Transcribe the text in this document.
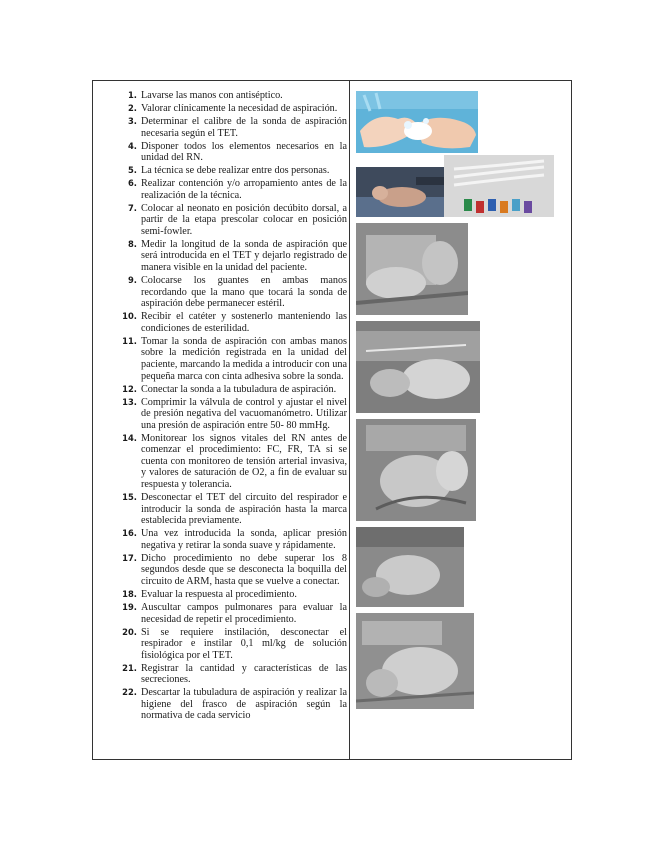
1. Lavarse las manos con antiséptico.
2. Valorar clínicamente la necesidad de aspiración.
3. Determinar el calibre de la sonda de aspiración necesaria según el TET.
4. Disponer todos los elementos necesarios en la unidad del RN.
5. La técnica se debe realizar entre dos personas.
6. Realizar contención y/o arropamiento antes de la realización de la técnica.
7. Colocar al neonato en posición decúbito dorsal, a partir de la etapa prescolar colocar en posición semi-fowler.
8. Medir la longitud de la sonda de aspiración que será introducida en el TET y dejarlo registrado de manera visible en la unidad del paciente.
9. Colocarse los guantes en ambas manos recordando que la mano que tocará la sonda de aspiración debe permanecer estéril.
10. Recibir el catéter y sostenerlo manteniendo las condiciones de esterilidad.
11. Tomar la sonda de aspiración con ambas manos sobre la medición registrada en la unidad del paciente, marcando la medida a introducir con una pequeña marca con cinta adhesiva sobre la sonda.
12. Conectar la sonda a la tubuladura de aspiración.
13. Comprimir la válvula de control y ajustar el nivel de presión negativa del vacuomanómetro. Utilizar una presión de aspiración entre 50- 80 mmHg.
14. Monitorear los signos vitales del RN antes de comenzar el procedimiento: FC, FR, TA si se cuenta con monitoreo de tensión arterial invasiva, y valores de saturación de O2, a fin de evaluar su respuesta y tolerancia.
15. Desconectar el TET del circuito del respirador e introducir la sonda de aspiración hasta la marca establecida previamente.
16. Una vez introducida la sonda, aplicar presión negativa y retirar la sonda suave y rápidamente.
17. Dicho procedimiento no debe superar los 8 segundos desde que se desconecta la boquilla del circuito de ARM, hasta que se vuelve a conectar.
18. Evaluar la respuesta al procedimiento.
19. Auscultar campos pulmonares para evaluar la necesidad de repetir el procedimiento.
20. Si se requiere instilación, desconectar el respirador e instilar 0,1 ml/kg de solución fisiológica por el TET.
21. Registrar la cantidad y características de las secreciones.
22. Descartar la tubuladura de aspiración y realizar la higiene del frasco de aspiración según la normativa de cada servicio
